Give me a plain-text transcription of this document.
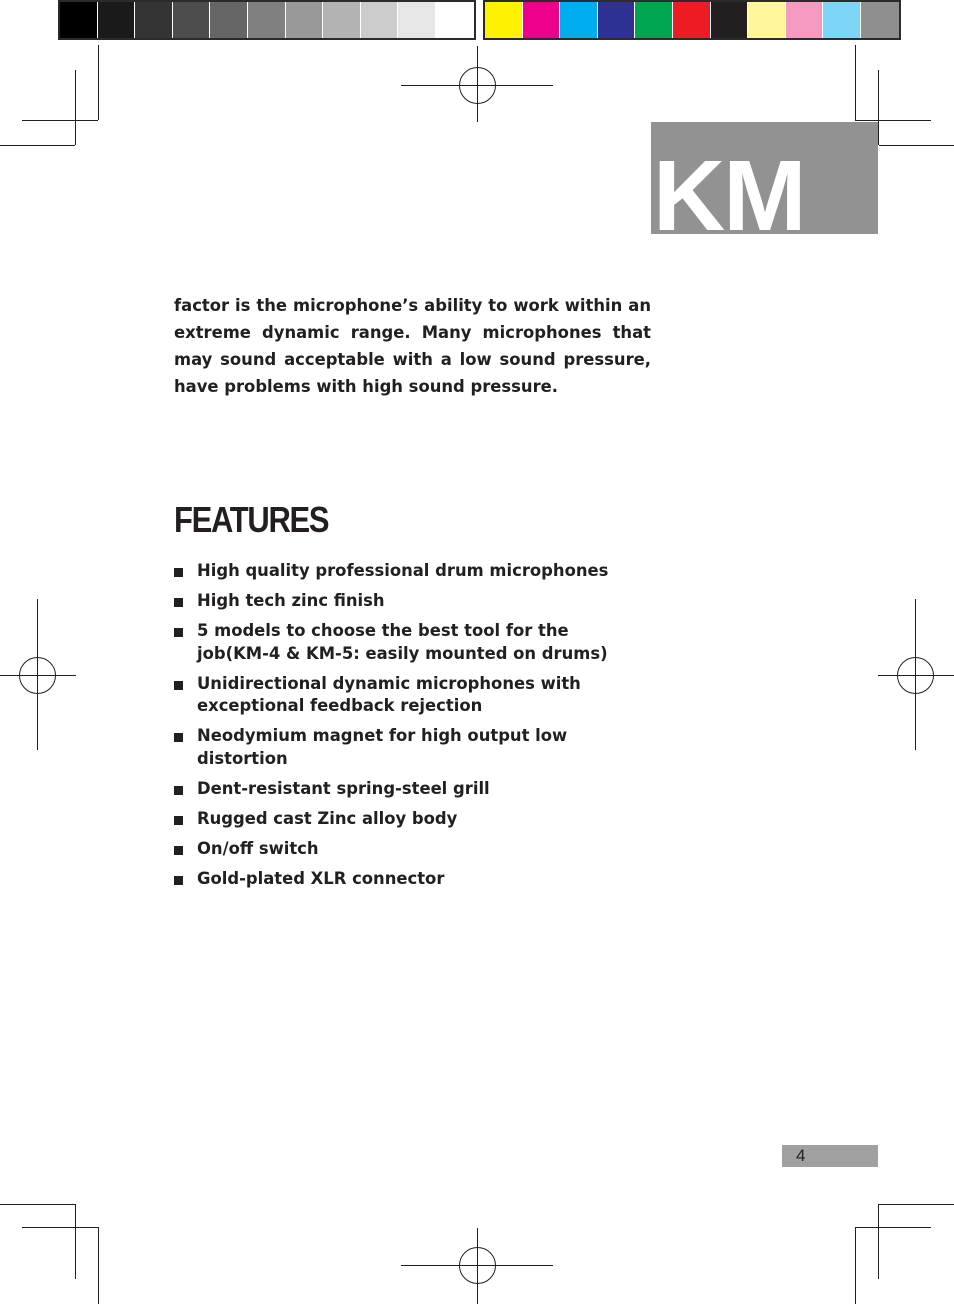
KM
factor is the microphone’s ability to work within an extreme dynamic range. Many microphones that may sound acceptable with a low sound pressure, have problems with high sound pressure.
FEATURES
High quality professional drum microphones
High tech zinc finish
5 models to choose the best tool for the job(KM-4 & KM-5: easily mounted on drums)
Unidirectional dynamic microphones with exceptional feedback rejection
Neodymium magnet for high output low distortion
Dent-resistant spring-steel grill
Rugged cast Zinc alloy body
On/off switch
Gold-plated XLR connector
4
